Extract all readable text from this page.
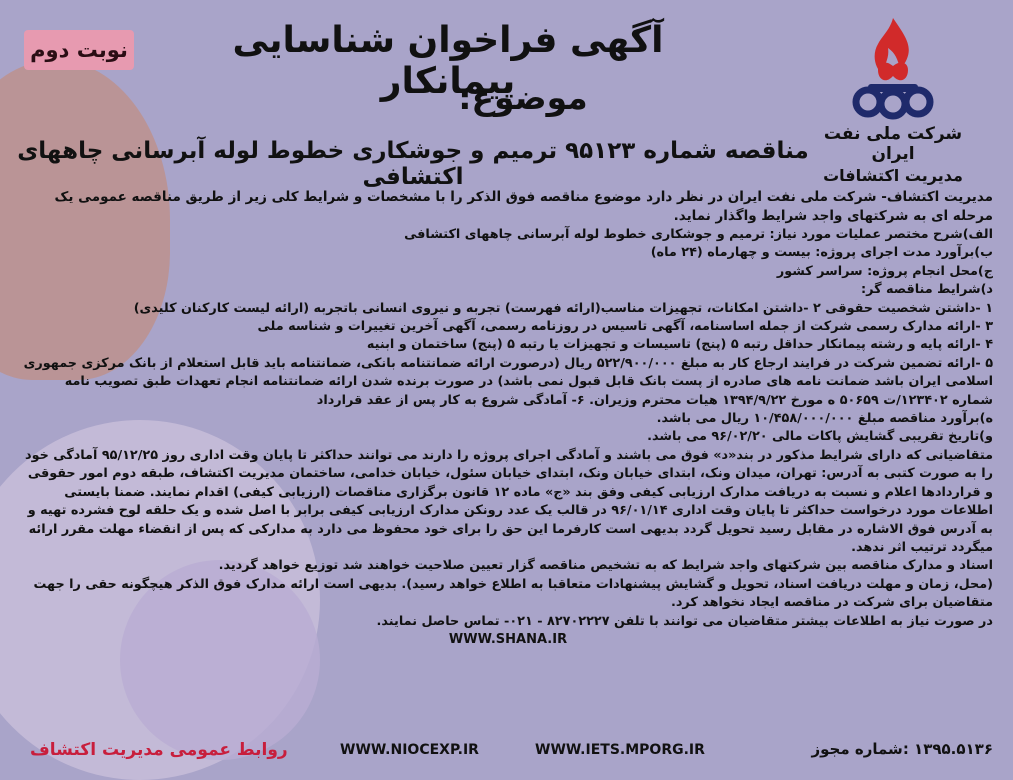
نوبت دوم
شرکت ملی نفت ایران
مدیریت اکتشافات
آگهی فراخوان شناسایی پیمانکار
موضوع:
مناقصه شماره ۹۵۱۲۳ ترمیم و جوشکاری خطوط لوله آبرسانی چاههای اکتشافی

مدیریت اکتشاف- شرکت ملی نفت ایران در نظر دارد موضوع مناقصه فوق الذکر را با مشخصات و شرایط کلی زیر از طریق مناقصه عمومی یک مرحله ای به شرکتهای واجد شرایط واگذار نماید.

الف)شرح مختصر عملیات مورد نیاز: ترمیم و جوشکاری خطوط لوله آبرسانی چاههای اکتشافی

ب)برآورد مدت اجرای پروژه: بیست و چهارماه (۲۴ ماه)

ج)محل انجام پروژه: سراسر کشور

د)شرایط مناقصه گر:

۱ -داشتن شخصیت حقوقی ۲ -داشتن امکانات، تجهیزات مناسب(ارائه فهرست) تجربه و نیروی انسانی باتجربه (ارائه لیست کارکنان کلیدی)

۳ -ارائه مدارک رسمی شرکت از جمله اساسنامه، آگهی تاسیس در روزنامه رسمی، آگهی آخرین تغییرات و شناسه ملی

۴ -ارائه پایه و رشته پیمانکار حداقل رتبه ۵ (پنج) تاسیسات و تجهیزات یا رتبه ۵ (پنج) ساختمان و ابنیه

۵ -ارائه تضمین شرکت در فرایند ارجاع کار به مبلغ ۵۲۲/۹۰۰/۰۰۰ ریال (درصورت ارائه ضمانتنامه بانکی، ضمانتنامه باید قابل استعلام از بانک مرکزی جمهوری اسلامی ایران باشد ضمانت نامه های صادره از پست بانک قابل قبول نمی باشد) در صورت برنده شدن ارائه ضمانتنامه انجام تعهدات طبق تصویب نامه شماره ۱۲۳۴۰۲/ت ۵۰۶۵۹ ه مورخ ۱۳۹۴/۹/۲۲ هیات محترم وزیران. ۶- آمادگی شروع به کار پس از عقد قرارداد

ه)برآورد مناقصه مبلغ ۱۰/۴۵۸/۰۰۰/۰۰۰ ریال می باشد.

و)تاریخ تقریبی گشایش پاکات مالی ۹۶/۰۲/۲۰ می باشد.

متقاضیانی که دارای شرایط مذکور در بند«د» فوق می باشند و آمادگی اجرای پروژه را دارند می توانند حداکثر تا پایان وقت اداری روز ۹۵/۱۲/۲۵ آمادگی خود را به صورت کتبی به آدرس: تهران، میدان ونک، ابتدای خیابان ونک، ابتدای خیابان سئول، خیابان خدامی، ساختمان مدیریت اکتشاف، طبقه دوم امور حقوقی و قراردادها اعلام و نسبت به دریافت مدارک ارزیابی کیفی وفق بند «ج» ماده ۱۲ قانون برگزاری مناقصات (ارزیابی کیفی) اقدام نمایند. ضمنا بایستی اطلاعات مورد درخواست حداکثر تا پایان وقت اداری ۹۶/۰۱/۱۴ در قالب یک عدد رونکن مدارک ارزیابی کیفی برابر با اصل شده و یک حلقه لوح فشرده تهیه و به آدرس فوق الاشاره در مقابل رسید تحویل گردد بدیهی است کارفرما این حق را برای خود محفوظ می دارد به مدارکی که پس از انقضاء مهلت مقرر ارائه میگردد ترتیب اثر ندهد.

اسناد و مدارک مناقصه بین شرکتهای واجد شرایط که به تشخیص مناقصه گزار تعیین صلاحیت خواهند شد توزیع خواهد گردید.

(محل، زمان و مهلت دریافت اسناد، تحویل و گشایش پیشنهادات متعاقبا به اطلاع خواهد رسید). بدیهی است ارائه مدارک فوق الذکر هیچگونه حقی را جهت متقاضیان برای شرکت در مناقصه ایجاد نخواهد کرد.

در صورت نیاز به اطلاعات بیشتر متقاضیان می توانند با تلفن ۸۲۷۰۲۲۲۷ - ۰۲۱- تماس حاصل نمایند.

WWW.SHANA.IR

روابط عمومی مدیریت اکتشاف	WWW.NIOCEXP.IR	WWW.IETS.MPORG.IR	شماره مجوز: ۱۳۹۵.۵۱۳۶
